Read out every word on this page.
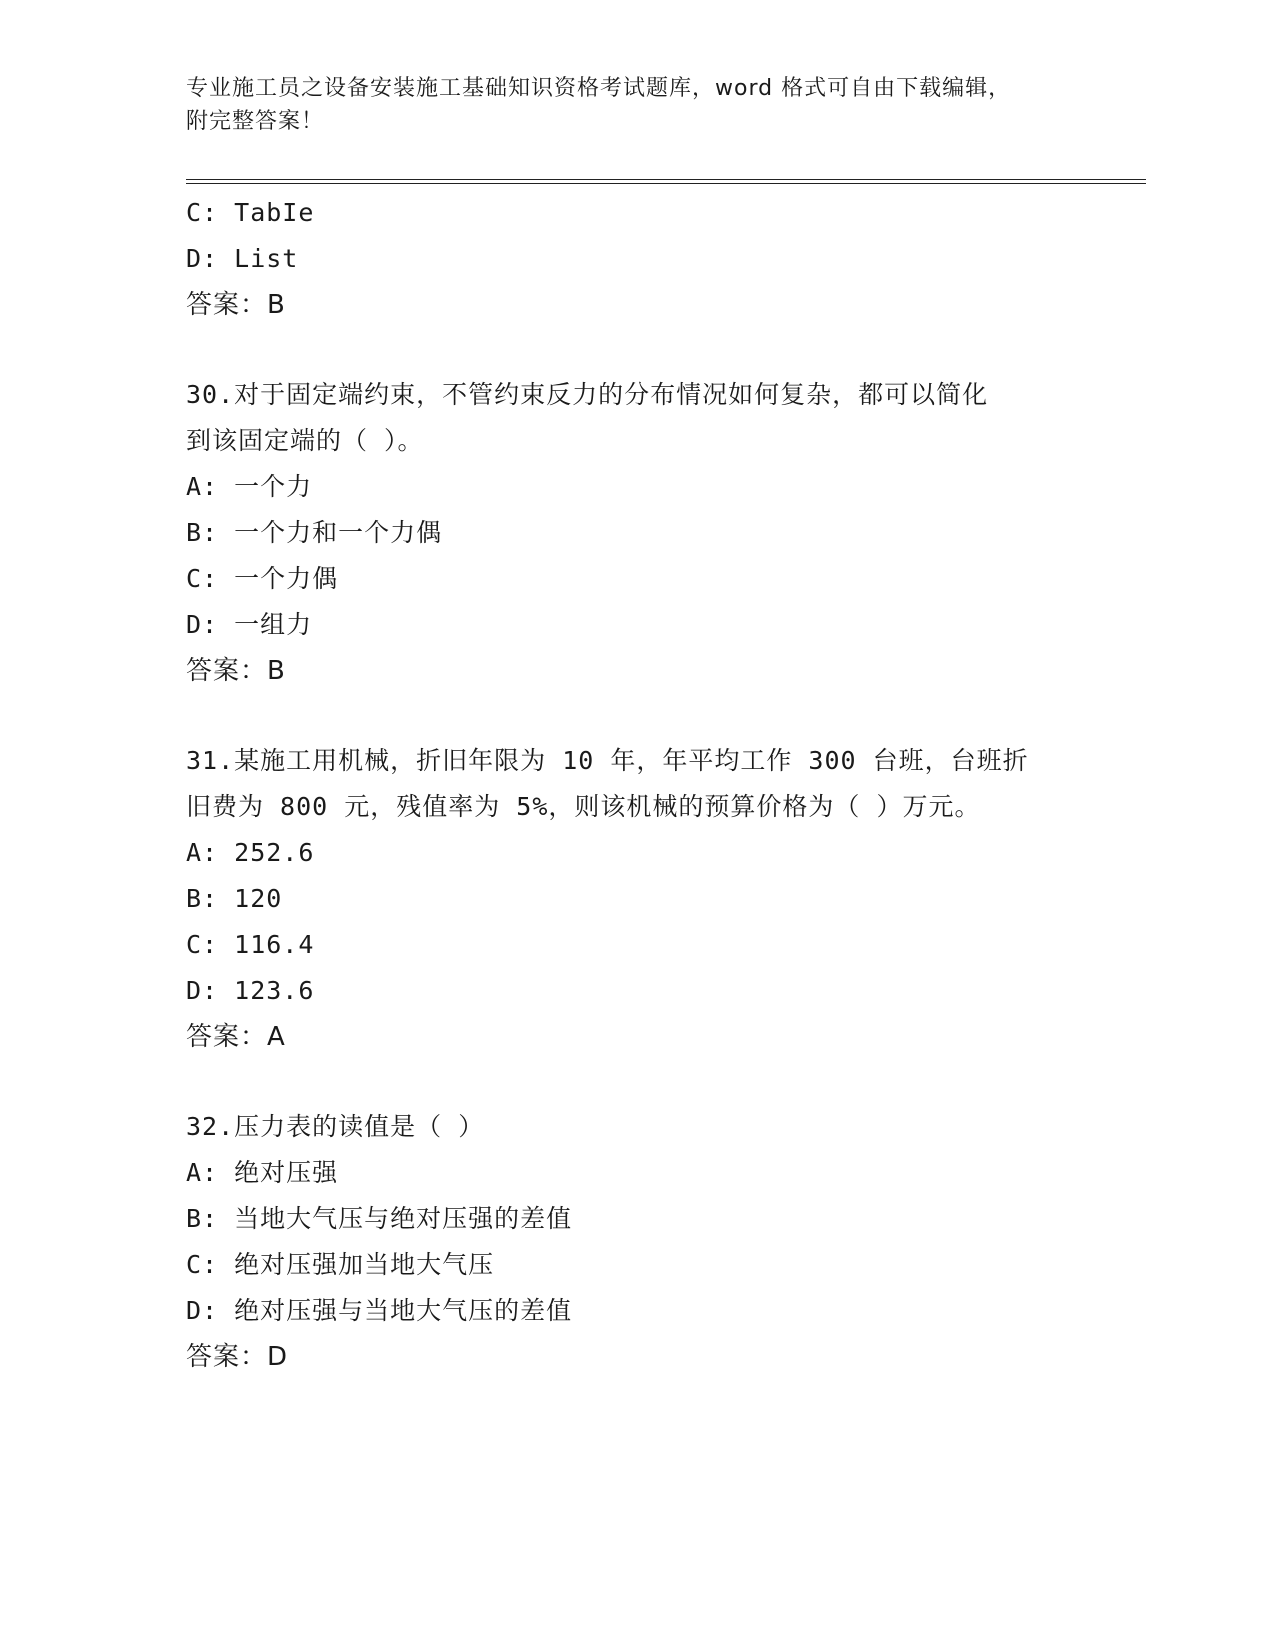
专业施工员之设备安装施工基础知识资格考试题库，word 格式可自由下载编辑，
附完整答案！
C: TabIe
D: List
答案：B
30.对于固定端约束，不管约束反力的分布情况如何复杂，都可以简化
到该固定端的（ ）。
A: 一个力
B: 一个力和一个力偶
C: 一个力偶
D: 一组力
答案：B
31.某施工用机械，折旧年限为 10 年，年平均工作 300 台班，台班折
旧费为 800 元，残值率为 5%，则该机械的预算价格为（ ）万元。
A: 252.6
B: 120
C: 116.4
D: 123.6
答案：A
32.压力表的读值是（ ）
A: 绝对压强
B: 当地大气压与绝对压强的差值
C: 绝对压强加当地大气压
D: 绝对压强与当地大气压的差值
答案：D
